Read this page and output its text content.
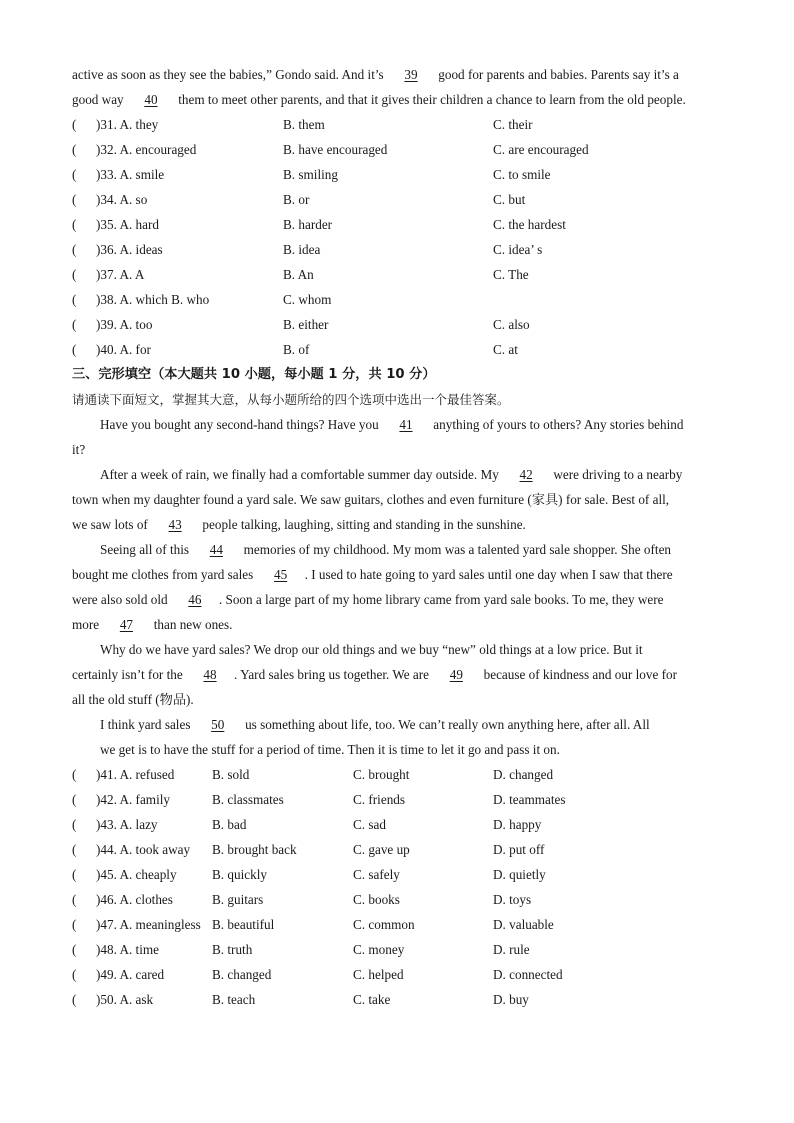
active as soon as they see the babies,” Gondo said. And it’s 39 good for parents and babies. Parents say it’s a
good way 40 them to meet other parents, and that it gives their children a chance to learn from the old people.
( )31. A. they	B. them	C. their
( )32. A. encouraged	B. have encouraged	C. are encouraged
( )33. A. smile	B. smiling	C. to smile
( )34. A. so	B. or	C. but
( )35. A. hard	B. harder	C. the hardest
( )36. A. ideas	B. idea	C. idea’ s
( )37. A. A	B. An	C. The
( )38. A. which B. who	C. whom
( )39. A. too	B. either	C. also
( )40. A. for	B. of	C. at
三、完形填空（本大题共 10 小题，每小题 1 分，共 10 分）
请通读下面短文，掌握其大意，从每小题所给的四个选项中选出一个最佳答案。
Have you bought any second-hand things? Have you 41 anything of yours to others? Any stories behind
it?
After a week of rain, we finally had a comfortable summer day outside. My 42 were driving to a nearby
town when my daughter found a yard sale. We saw guitars, clothes and even furniture (家具) for sale. Best of all,
we saw lots of 43 people talking, laughing, sitting and standing in the sunshine.
Seeing all of this 44 memories of my childhood. My mom was a talented yard sale shopper. She often
bought me clothes from yard sales 45 . I used to hate going to yard sales until one day when I saw that there
were also sold old 46 . Soon a large part of my home library came from yard sale books. To me, they were
more 47 than new ones.
Why do we have yard sales? We drop our old things and we buy “new” old things at a low price. But it
certainly isn’t for the 48 . Yard sales bring us together. We are 49 because of kindness and our love for
all the old stuff (物品).
I think yard sales 50 us something about life, too. We can’t really own anything here, after all. All
we get is to have the stuff for a period of time. Then it is time to let it go and pass it on.
( )41. A. refused	B. sold	C. brought	D. changed
( )42. A. family	B. classmates	C. friends	D. teammates
( )43. A. lazy	B. bad	C. sad	D. happy
( )44. A. took away B. brought back	C. gave up	D. put off
( )45. A. cheaply	B. quickly	C. safely	D. quietly
( )46. A. clothes	B. guitars	C. books	D. toys
( )47. A. meaningless B. beautiful	C. common	D. valuable
( )48. A. time	B. truth	C. money	D. rule
( )49. A. cared	B. changed	C. helped	D. connected
( )50. A. ask	B. teach	C. take	D. buy
